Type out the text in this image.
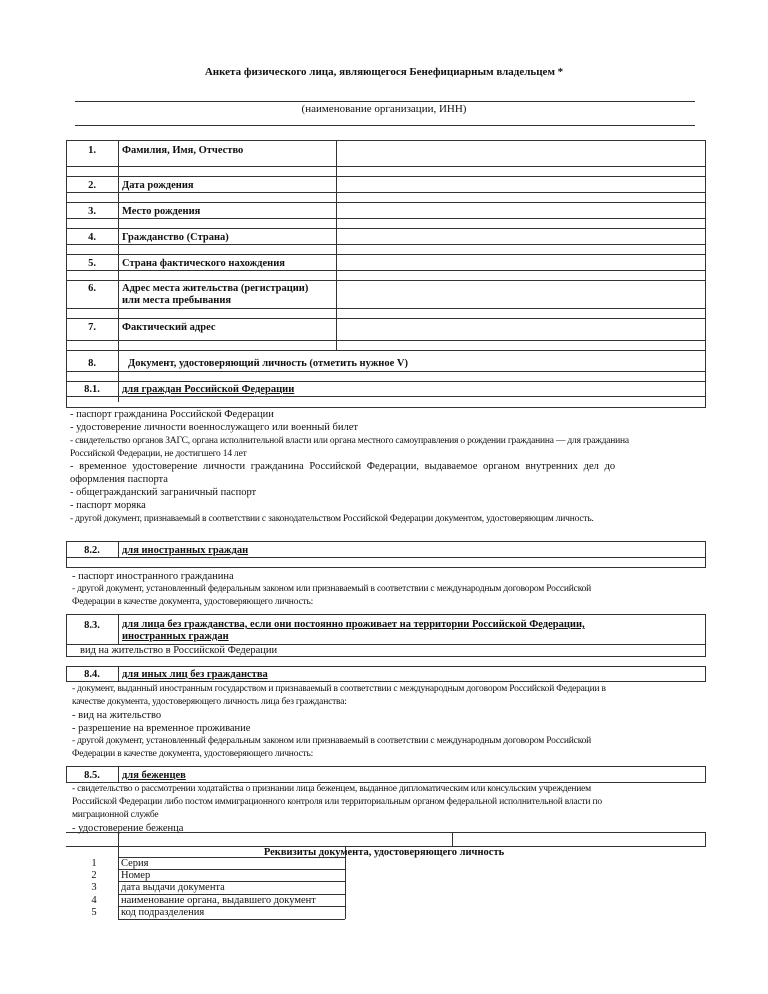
Анкета физического лица, являющегося Бенефициарным владельцем *
(наименование организации, ИНН)
1.	Фамилия, Имя, Отчество
2.	Дата рождения
3.	Место рождения
4.	Гражданство (Страна)
5.	Страна фактического нахождения
6.	Адрес места жительства (регистрации)
или места пребывания
7.	Фактический адрес
8.	Документ, удостоверяющий личность (отметить нужное V)
8.1.	для граждан Российской Федерации
- паспорт гражданина Российской Федерации
- удостоверение личности военнослужащего или военный билет
- свидетельство органов ЗАГС, органа исполнительной власти или органа местного самоуправления о рождении гражданина — для гражданина
Российской Федерации, не достигшего 14 лет
- временное удостоверение личности гражданина Российской Федерации, выдаваемое органом внутренних дел до
оформления паспорта
- общегражданский заграничный паспорт
- паспорт моряка
- другой документ, признаваемый в соответствии с законодательством Российской Федерации документом, удостоверяющим личность.
8.2.	для иностранных граждан
- паспорт иностранного гражданина
- другой документ, установленный федеральным законом или признаваемый в соответствии с международным договором Российской
Федерации в качестве документа, удостоверяющего личность:
8.3.	для лица без гражданства, если они постоянно проживает на территории Российской Федерации,
иностранных граждан
вид на жительство в Российской Федерации
8.4.	для иных лиц без гражданства
- документ, выданный иностранным государством и признаваемый в соответствии с международным договором Российской Федерации в
качестве документа, удостоверяющего личность лица без гражданства:
- вид на жительство
- разрешение на временное проживание
- другой документ, установленный федеральным законом или признаваемый в соответствии с международным договором Российской
Федерации в качестве документа, удостоверяющего личность:
8.5.	для беженцев
- свидетельство о рассмотрении ходатайства о признании лица беженцем, выданное дипломатическим или консульским учреждением
Российской Федерации либо постом иммиграционного контроля или территориальным органом федеральной исполнительной власти по
миграционной службе
- удостоверение беженца
Реквизиты документа, удостоверяющего личность
1	Серия
2	Номер
3	дата выдачи документа
4	наименование органа, выдавшего документ
5	код подразделения
